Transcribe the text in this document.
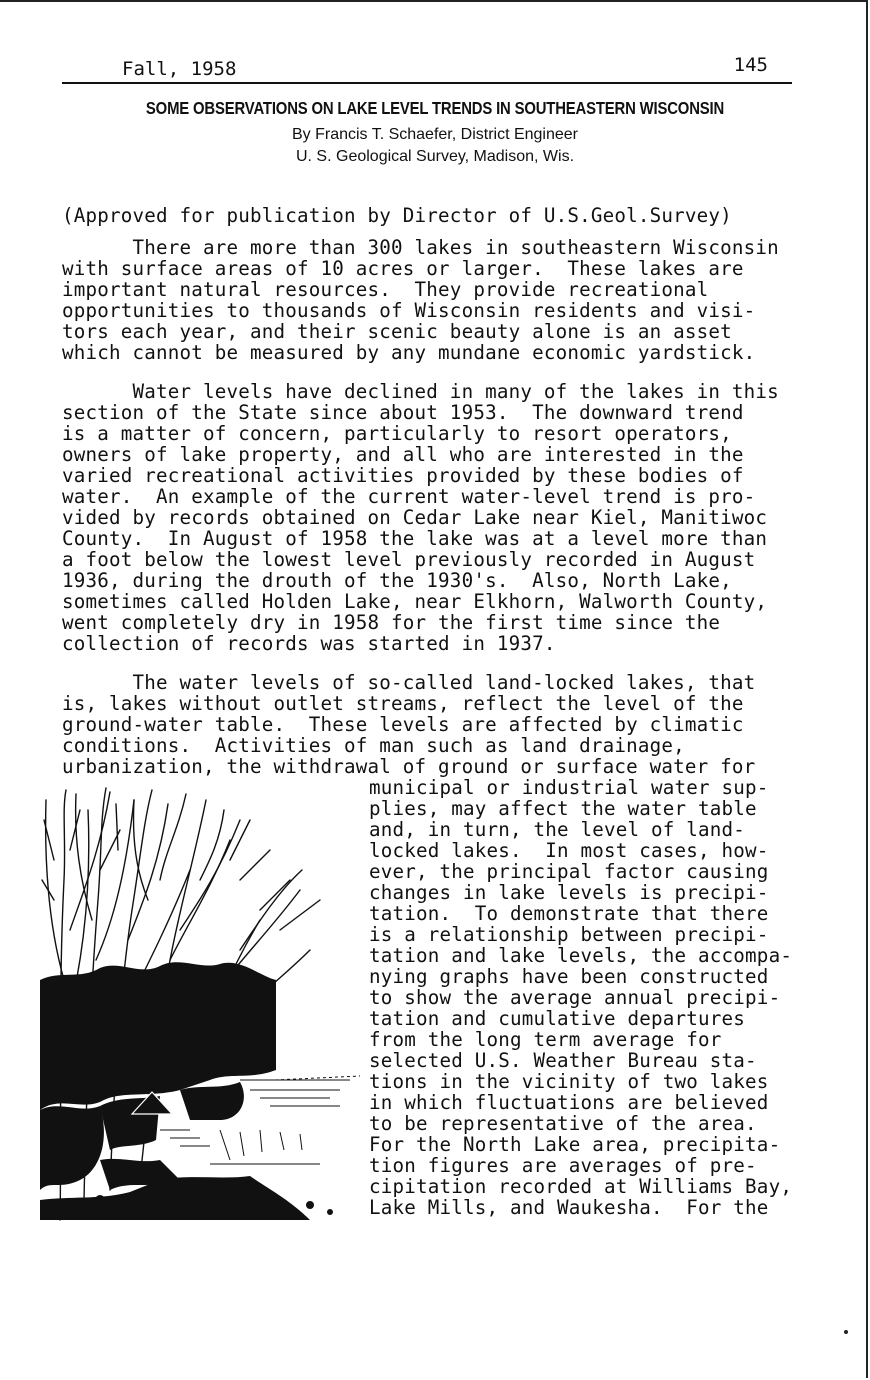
Fall, 1958	145
SOME OBSERVATIONS ON LAKE LEVEL TRENDS IN SOUTHEASTERN WISCONSIN
By Francis T. Schaefer, District Engineer
U. S. Geological Survey, Madison, Wis.
(Approved for publication by Director of U.S.Geol.Survey)
There are more than 300 lakes in southeastern Wisconsin
with surface areas of 10 acres or larger.  These lakes are
important natural resources.  They provide recreational
opportunities to thousands of Wisconsin residents and visi-
tors each year, and their scenic beauty alone is an asset
which cannot be measured by any mundane economic yardstick.
Water levels have declined in many of the lakes in this
section of the State since about 1953.  The downward trend
is a matter of concern, particularly to resort operators,
owners of lake property, and all who are interested in the
varied recreational activities provided by these bodies of
water.  An example of the current water-level trend is pro-
vided by records obtained on Cedar Lake near Kiel, Manitiwoc
County.  In August of 1958 the lake was at a level more than
a foot below the lowest level previously recorded in August
1936, during the drouth of the 1930's.  Also, North Lake,
sometimes called Holden Lake, near Elkhorn, Walworth County,
went completely dry in 1958 for the first time since the
collection of records was started in 1937.
The water levels of so-called land-locked lakes, that
is, lakes without outlet streams, reflect the level of the
ground-water table.  These levels are affected by climatic
conditions.  Activities of man such as land drainage,
urbanization, the withdrawal of ground or surface water for
municipal or industrial water sup-
plies, may affect the water table
and, in turn, the level of land-
locked lakes.  In most cases, how-
ever, the principal factor causing
changes in lake levels is precipi-
tation.  To demonstrate that there
is a relationship between precipi-
tation and lake levels, the accompa-
nying graphs have been constructed
to show the average annual precipi-
tation and cumulative departures
from the long term average for
selected U.S. Weather Bureau sta-
tions in the vicinity of two lakes
in which fluctuations are believed
to be representative of the area.
For the North Lake area, precipita-
tion figures are averages of pre-
cipitation recorded at Williams Bay,
Lake Mills, and Waukesha.  For the
